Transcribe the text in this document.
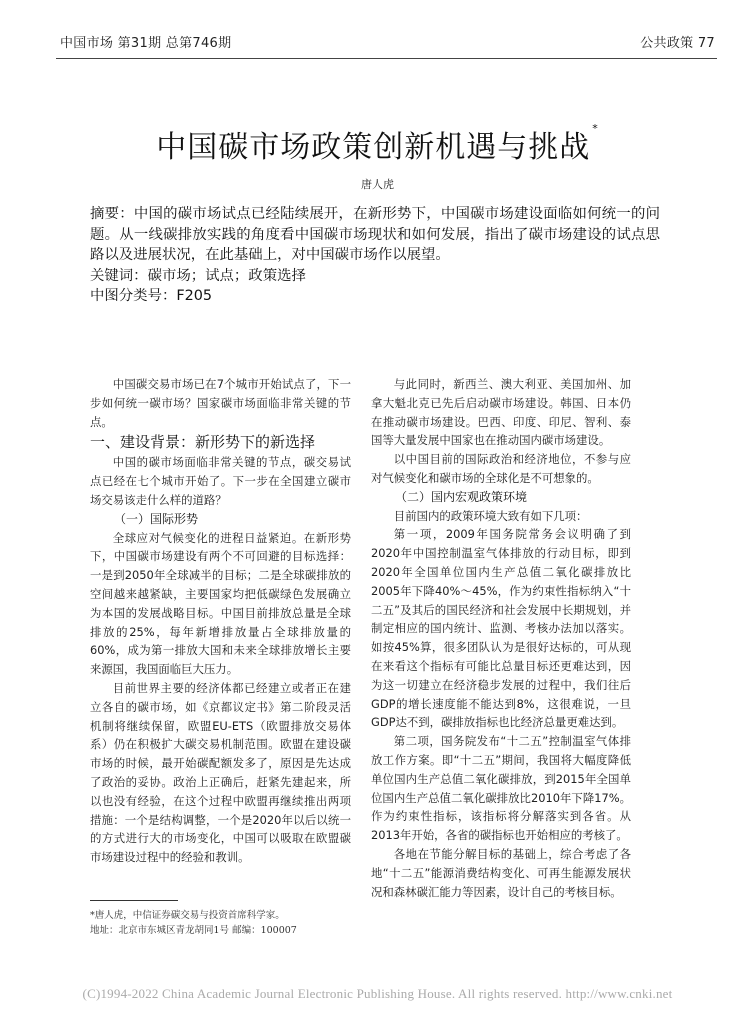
中国市场 第31期 总第746期	公共政策 77
中国碳市场政策创新机遇与挑战*
唐人虎

摘要：中国的碳市场试点已经陆续展开，在新形势下，中国碳市场建设面临如何统一的问题。从一线碳排放实践的角度看中国碳市场现状和如何发展，指出了碳市场建设的试点思路以及进展状况，在此基础上，对中国碳市场作以展望。

关键词：碳市场；试点；政策选择

中图分类号：F205

中国碳交易市场已在7个城市开始试点了，下一步如何统一碳市场？国家碳市场面临非常关键的节点。

一、建设背景：新形势下的新选择

中国的碳市场面临非常关键的节点，碳交易试点已经在七个城市开始了。下一步在全国建立碳市场交易该走什么样的道路？

（一）国际形势

全球应对气候变化的进程日益紧迫。在新形势下，中国碳市场建设有两个不可回避的目标选择：一是到2050年全球减半的目标；二是全球碳排放的空间越来越紧缺，主要国家均把低碳绿色发展确立为本国的发展战略目标。中国目前排放总量是全球排放的25%，每年新增排放量占全球排放量的60%，成为第一排放大国和未来全球排放增长主要来源国，我国面临巨大压力。

目前世界主要的经济体都已经建立或者正在建立各自的碳市场，如《京都议定书》第二阶段灵活机制将继续保留，欧盟EU-ETS（欧盟排放交易体系）仍在积极扩大碳交易机制范围。欧盟在建设碳市场的时候，最开始碳配额发多了，原因是先达成了政治的妥协。政治上正确后，赶紧先建起来，所以也没有经验，在这个过程中欧盟再继续推出两项措施：一个是结构调整，一个是2020年以后以统一的方式进行大的市场变化，中国可以吸取在欧盟碳市场建设过程中的经验和教训。

与此同时，新西兰、澳大利亚、美国加州、加拿大魁北克已先后启动碳市场建设。韩国、日本仍在推动碳市场建设。巴西、印度、印尼、智利、泰国等大量发展中国家也在推动国内碳市场建设。

以中国目前的国际政治和经济地位，不参与应对气候变化和碳市场的全球化是不可想象的。

（二）国内宏观政策环境

目前国内的政策环境大致有如下几项：

第一项，2009年国务院常务会议明确了到2020年中国控制温室气体排放的行动目标，即到2020年全国单位国内生产总值二氧化碳排放比2005年下降40%～45%，作为约束性指标纳入“十二五”及其后的国民经济和社会发展中长期规划，并制定相应的国内统计、监测、考核办法加以落实。如按45%算，很多团队认为是很好达标的，可从现在来看这个指标有可能比总量目标还更难达到，因为这一切建立在经济稳步发展的过程中，我们往后GDP的增长速度能不能达到8%，这很难说，一旦GDP达不到，碳排放指标也比经济总量更难达到。

第二项，国务院发布“十二五”控制温室气体排放工作方案。即“十二五”期间，我国将大幅度降低单位国内生产总值二氧化碳排放，到2015年全国单位国内生产总值二氧化碳排放比2010年下降17%。作为约束性指标，该指标将分解落实到各省。从2013年开始，各省的碳指标也开始相应的考核了。

各地在节能分解目标的基础上，综合考虑了各地“十二五”能源消费结构变化、可再生能源发展状况和森林碳汇能力等因素，设计自己的考核目标。

*唐人虎，中信证券碳交易与投资首席科学家。

地址：北京市东城区青龙胡同1号 邮编：100007

(C)1994-2022 China Academic Journal Electronic Publishing House. All rights reserved. http://www.cnki.net
